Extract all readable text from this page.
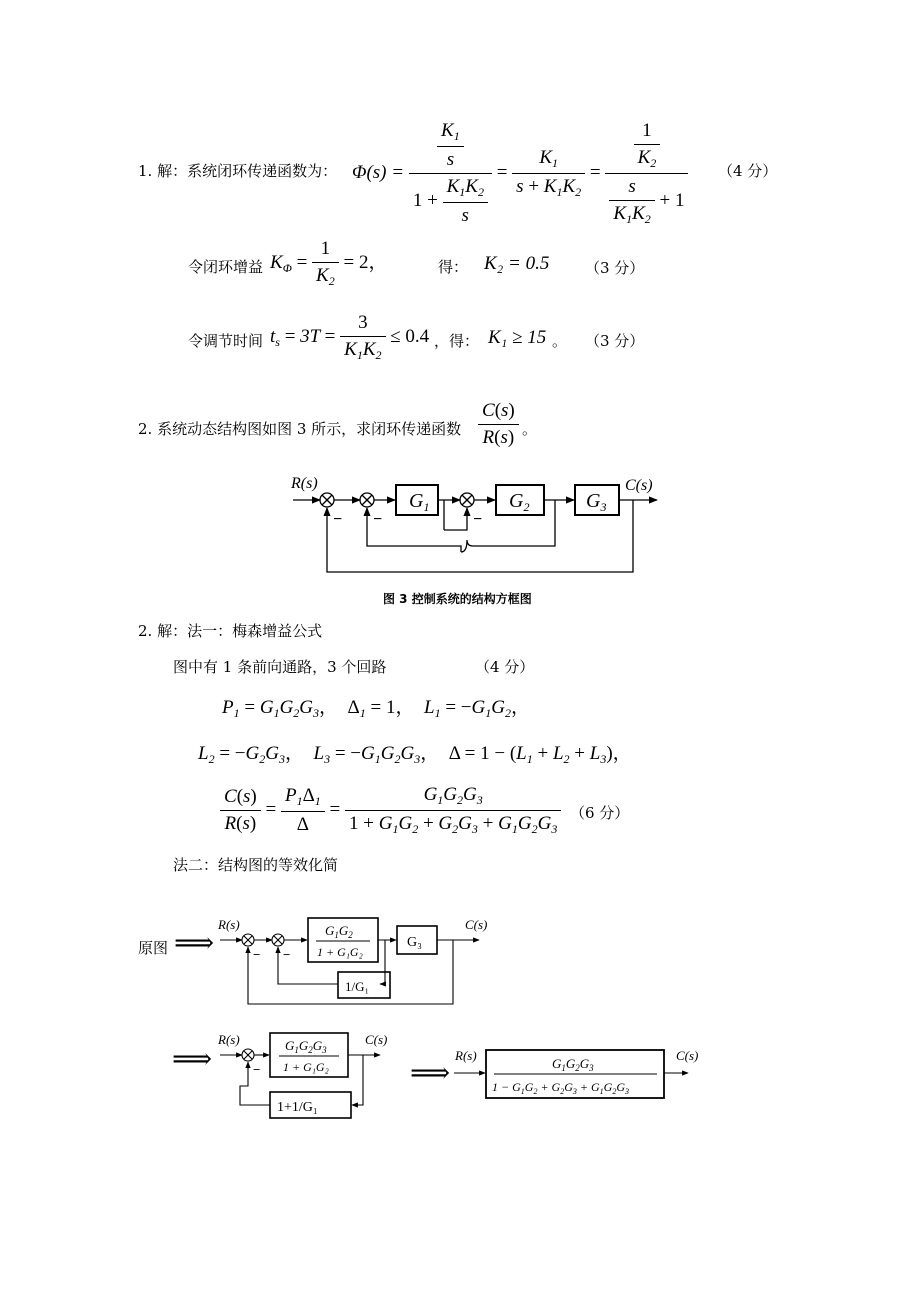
1. 解：系统闭环传递函数为： $\Phi(s) = \frac{\frac{K_1}{s}}{1 + \frac{K_1K_2}{s}} = \frac{K_1}{s + K_1K_2} = \frac{\frac{1}{K_2}}{\frac{s}{K_1K_2} + 1} (4$ 分）
令闭环增益 $K_\Phi = \frac{1}{K_2} = 2$，	得： K₂ = 0.5 （3 分）
令调节时间 $t_s = 3T = \frac{3}{K_1K_2} \le 0.4$ ，得： K₁ ≥ 15 。 （3 分）
2. 系统动态结构图如图 3 所示，求闭环传递函数 $\frac{C(s)}{R(s)}$ 。
R(s)	C(s)
$G_1$	$G_2$	$G_3$
− −	−
图 3 控制系统的结构方框图
2. 解：法一：梅森增益公式
图中有 1 条前向通路，3 个回路	（4 分）
$P_1 = G_1G_2G_3$，  $\Delta_1 = 1$，  $L_1 = -G_1G_2$，
$L_2 = -G_2G_3$，  $L_3 = -G_1G_2G_3$，  $\Delta = 1 - (L_1 + L_2 + L_3)$，
$\frac{C(s)}{R(s)} = \frac{P_1\Delta_1}{\Delta} = \frac{G_1G_2G_3}{1 + G_1G_2 + G_2G_3 + G_1G_2G_3} (6$ 分）
法二：结构图的等效化简
原图 ⟹
R(s)	C(s)
$G_1G_2$
1 + G₁G₂
G₃
1/G₁
− −
⟹
R(s)	C(s)
$G_1G_2G_3$
1 + G₁G₂
1+1/G₁
−	⟹
R(s)	C(s)
$G_1G_2G_3$
$1 - G_1G_2 + G_2G_3 + G_1G_2G_3$
